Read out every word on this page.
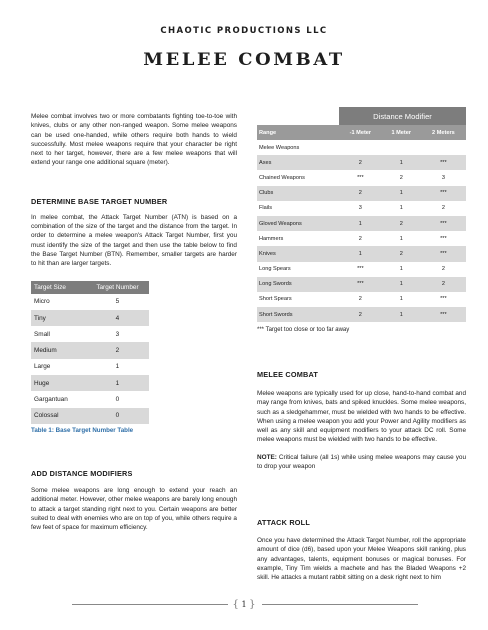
CHAOTIC PRODUCTIONS LLC
MELEE COMBAT

Melee combat involves two or more combatants fighting toe-to-toe with knives, clubs or any other non-ranged weapon. Some melee weapons can be used one-handed, while others require both hands to wield successfully. Most melee weapons require that your character be right next to her target, however, there are a few melee weapons that will extend your range one additional square (meter).

DETERMINE BASE TARGET NUMBER

In melee combat, the Attack Target Number (ATN) is based on a combination of the size of the target and the distance from the target. In order to determine a melee weapon's Attack Target Number, first you must identify the size of the target and then use the table below to find the Base Target Number (BTN). Remember, smaller targets are harder to hit than are larger targets.

Target Size	Target Number
Micro	5
Tiny	4
Small	3
Medium	2
Large	1
Huge	1
Gargantuan	0
Colossal	0
Table 1: Base Target Number Table
ADD DISTANCE MODIFIERS

Some melee weapons are long enough to extend your reach an additional meter. However, other melee weapons are barely long enough to attack a target standing right next to you. Certain weapons are better suited to deal with enemies who are on top of you, while others require a few feet of space for maximum efficiency.

	Distance Modifier		
Range	-1 Meter	1 Meter	2 Meters
Melee Weapons			
Axes	2	1	***
Chained Weapons	***	2	3
Clubs	2	1	***
Flails	3	1	2
Gloved Weapons	1	2	***
Hammers	2	1	***
Knives	1	2	***
Long Spears	***	1	2
Long Swords	***	1	2
Short Spears	2	1	***
Short Swords	2	1	***
*** Target too close or too far away
MELEE COMBAT

Melee weapons are typically used for up close, hand-to-hand combat and may range from knives, bats and spiked knuckles. Some melee weapons, such as a sledgehammer, must be wielded with two hands to be effective. When using a melee weapon you add your Power and Agility modifiers as well as any skill and equipment modifiers to your attack DC roll. Some melee weapons must be wielded with two hands to be effective.

NOTE: Critical failure (all 1s) while using melee weapons may cause you to drop your weapon

ATTACK ROLL

Once you have determined the Attack Target Number, roll the appropriate amount of dice (d6), based upon your Melee Weapons skill ranking, plus any advantages, talents, equipment bonuses or magical bonuses. For example, Tiny Tim wields a machete and has the Bladed Weapons +2 skill. He attacks a mutant rabbit sitting on a desk right next to him

{ 1 }
